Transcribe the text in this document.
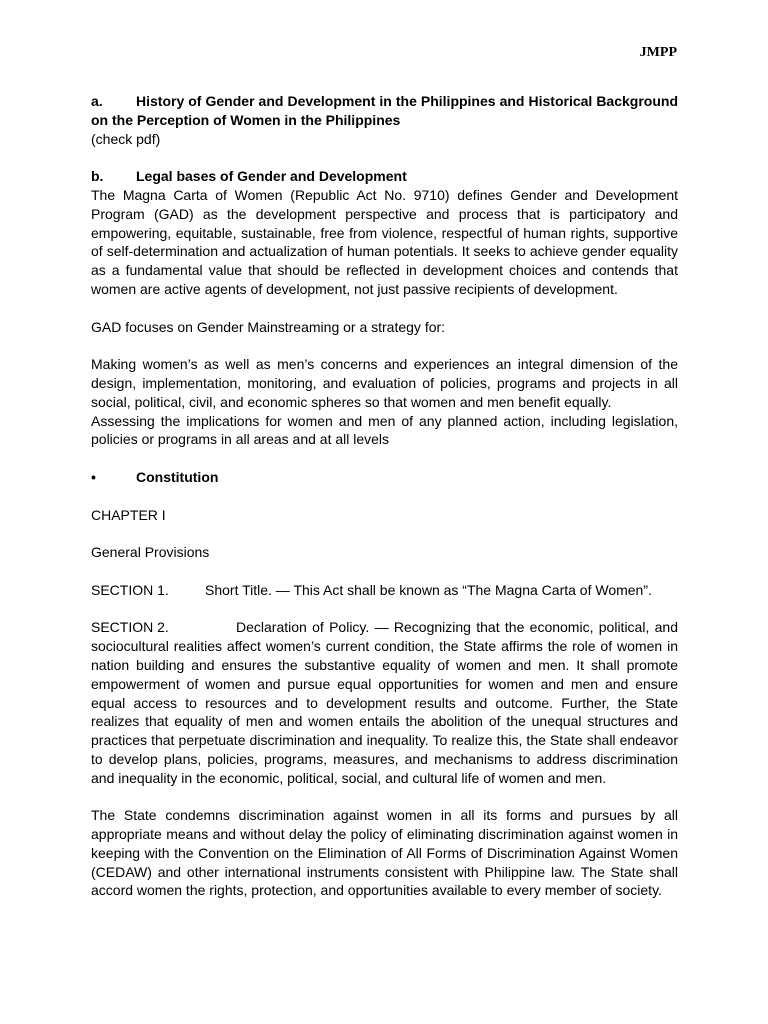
JMPP

a. History of Gender and Development in the Philippines and Historical Background on the Perception of Women in the Philippines

(check pdf)

b. Legal bases of Gender and Development

The Magna Carta of Women (Republic Act No. 9710) defines Gender and Development Program (GAD) as the development perspective and process that is participatory and empowering, equitable, sustainable, free from violence, respectful of human rights, supportive of self-determination and actualization of human potentials. It seeks to achieve gender equality as a fundamental value that should be reflected in development choices and contends that women are active agents of development, not just passive recipients of development.

GAD focuses on Gender Mainstreaming or a strategy for:

Making women’s as well as men’s concerns and experiences an integral dimension of the design, implementation, monitoring, and evaluation of policies, programs and projects in all social, political, civil, and economic spheres so that women and men benefit equally.

Assessing the implications for women and men of any planned action, including legislation, policies or programs in all areas and at all levels

•	Constitution

CHAPTER I

General Provisions

SECTION 1.	Short Title. — This Act shall be known as “The Magna Carta of Women”.

SECTION 2.	Declaration of Policy. — Recognizing that the economic, political, and sociocultural realities affect women’s current condition, the State affirms the role of women in nation building and ensures the substantive equality of women and men. It shall promote empowerment of women and pursue equal opportunities for women and men and ensure equal access to resources and to development results and outcome. Further, the State realizes that equality of men and women entails the abolition of the unequal structures and practices that perpetuate discrimination and inequality. To realize this, the State shall endeavor to develop plans, policies, programs, measures, and mechanisms to address discrimination and inequality in the economic, political, social, and cultural life of women and men.

The State condemns discrimination against women in all its forms and pursues by all appropriate means and without delay the policy of eliminating discrimination against women in keeping with the Convention on the Elimination of All Forms of Discrimination Against Women (CEDAW) and other international instruments consistent with Philippine law. The State shall accord women the rights, protection, and opportunities available to every member of society.
